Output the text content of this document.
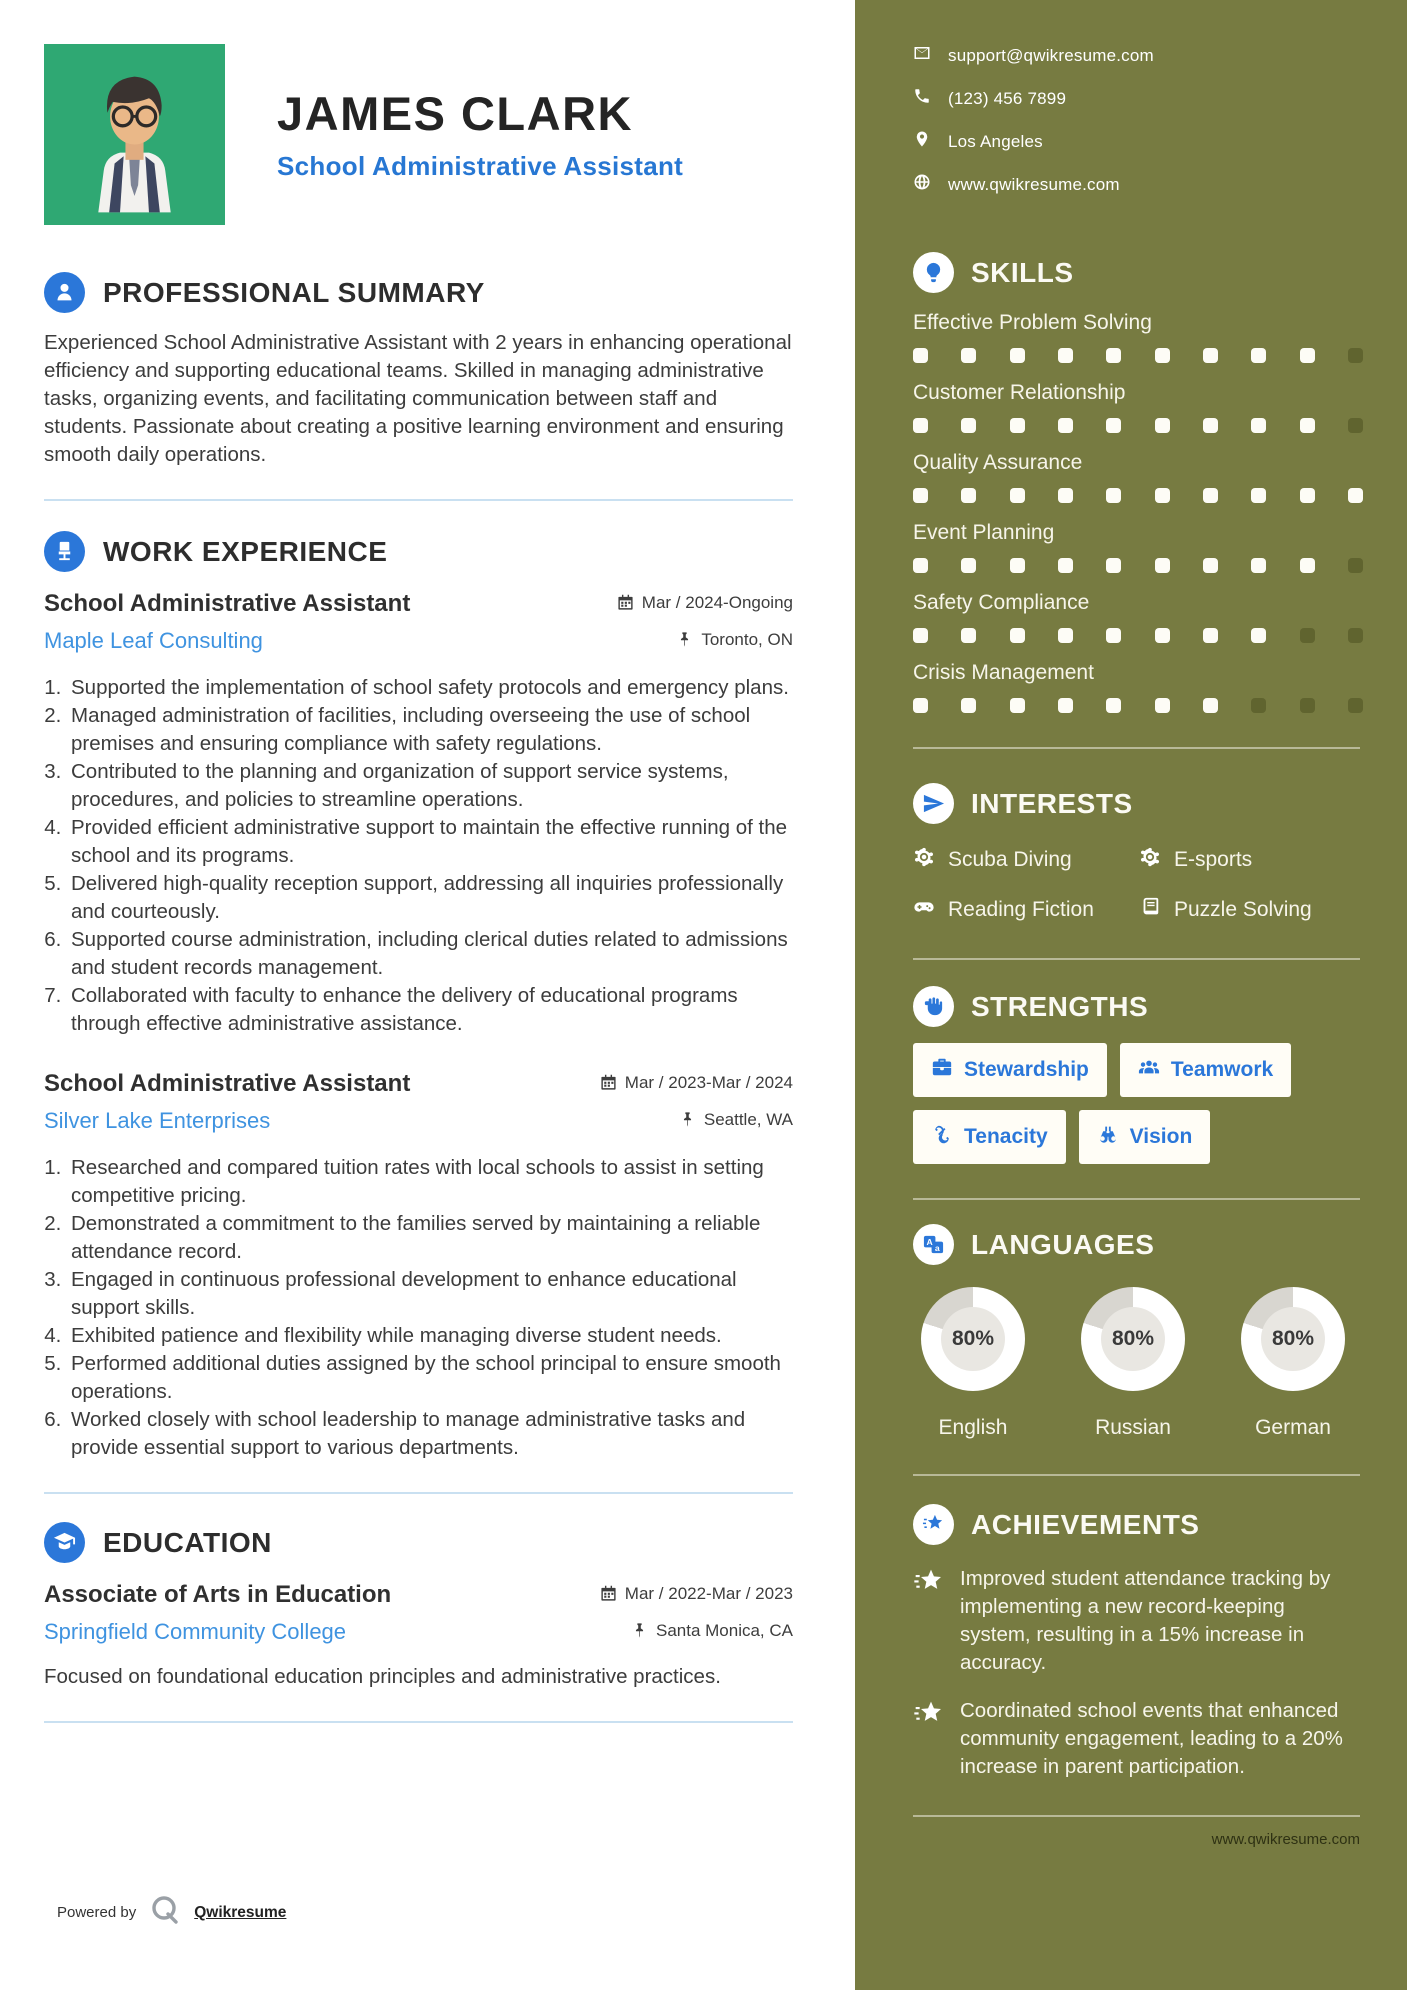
JAMES CLARK
School Administrative Assistant
PROFESSIONAL SUMMARY

Experienced School Administrative Assistant with 2 years in enhancing operational efficiency and supporting educational teams. Skilled in managing administrative tasks, organizing events, and facilitating communication between staff and students. Passionate about creating a positive learning environment and ensuring smooth daily operations.

WORK EXPERIENCE
School Administrative Assistant	Mar / 2024-Ongoing
Maple Leaf Consulting	Toronto, ON
1. Supported the implementation of school safety protocols and emergency plans.
2. Managed administration of facilities, including overseeing the use of school premises and ensuring compliance with safety regulations.
3. Contributed to the planning and organization of support service systems, procedures, and policies to streamline operations.
4. Provided efficient administrative support to maintain the effective running of the school and its programs.
5. Delivered high-quality reception support, addressing all inquiries professionally and courteously.
6. Supported course administration, including clerical duties related to admissions and student records management.
7. Collaborated with faculty to enhance the delivery of educational programs through effective administrative assistance.
School Administrative Assistant	Mar / 2023-Mar / 2024
Silver Lake Enterprises	Seattle, WA
1. Researched and compared tuition rates with local schools to assist in setting competitive pricing.
2. Demonstrated a commitment to the families served by maintaining a reliable attendance record.
3. Engaged in continuous professional development to enhance educational support skills.
4. Exhibited patience and flexibility while managing diverse student needs.
5. Performed additional duties assigned by the school principal to ensure smooth operations.
6. Worked closely with school leadership to manage administrative tasks and provide essential support to various departments.
EDUCATION
Associate of Arts in Education	Mar / 2022-Mar / 2023
Springfield Community College	Santa Monica, CA

Focused on foundational education principles and administrative practices.

Powered by	Qwikresume
support@qwikresume.com
(123) 456 7899
Los Angeles
www.qwikresume.com
SKILLS
Effective Problem Solving
Customer Relationship
Quality Assurance
Event Planning
Safety Compliance
Crisis Management
INTERESTS
Scuba Diving	E-sports
Reading Fiction	Puzzle Solving
STRENGTHS
Stewardship	Teamwork
Tenacity	Vision
A
a LANGUAGES
80%
English
80%
Russian
80%
German
ACHIEVEMENTS

Improved student attendance tracking by implementing a new record-keeping system, resulting in a 15% increase in accuracy.

Coordinated school events that enhanced community engagement, leading to a 20% increase in parent participation.

www.qwikresume.com
